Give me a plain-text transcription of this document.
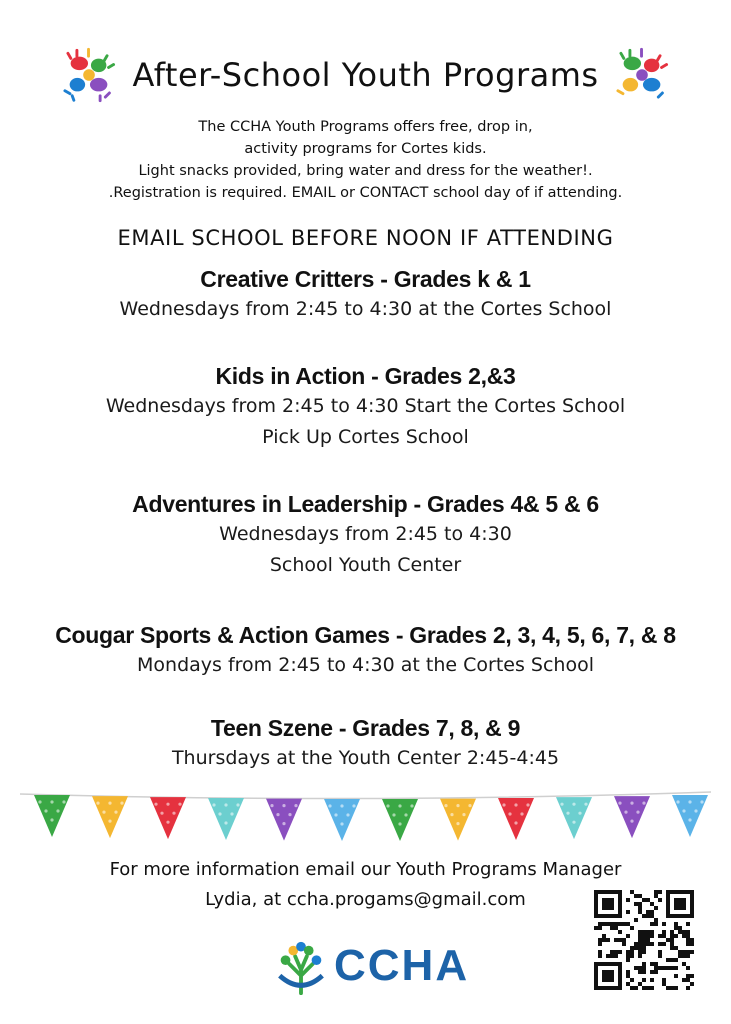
After-School Youth Programs
The CCHA Youth Programs offers free, drop in,
activity programs for Cortes kids.
Light snacks provided, bring water and dress for the weather!.
.Registration is required. EMAIL or CONTACT school day of if attending.
EMAIL SCHOOL BEFORE NOON IF ATTENDING
Creative Critters - Grades k & 1
Wednesdays from 2:45 to 4:30 at the Cortes School
Kids in Action - Grades 2,&3
Wednesdays from 2:45 to 4:30 Start the Cortes School
Pick Up Cortes School
Adventures in Leadership - Grades 4& 5 & 6
Wednesdays from 2:45 to 4:30
School Youth Center
Cougar Sports & Action Games - Grades 2, 3, 4, 5, 6, 7, & 8
Mondays from 2:45 to 4:30 at the Cortes School
Teen Szene - Grades 7, 8, & 9
Thursdays at the Youth Center 2:45-4:45
For more information email our Youth Programs Manager
Lydia, at ccha.progams@gmail.com
CCHA
